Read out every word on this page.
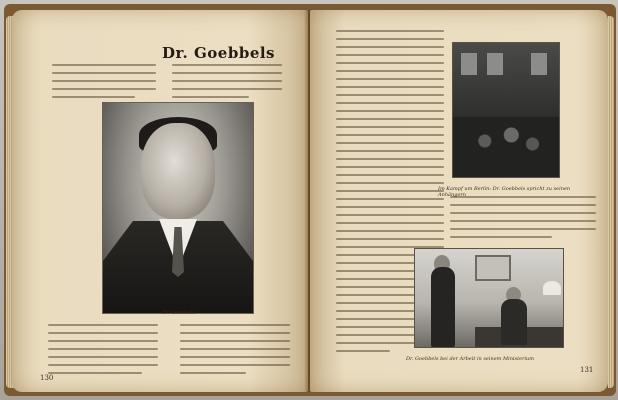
Dr. Goebbels
Dr. Goebbels
130
Im Kampf um Berlin: Dr. Goebbels spricht zu seinen Anhängern
Dr. Goebbels bei der Arbeit in seinem Ministerium
131
